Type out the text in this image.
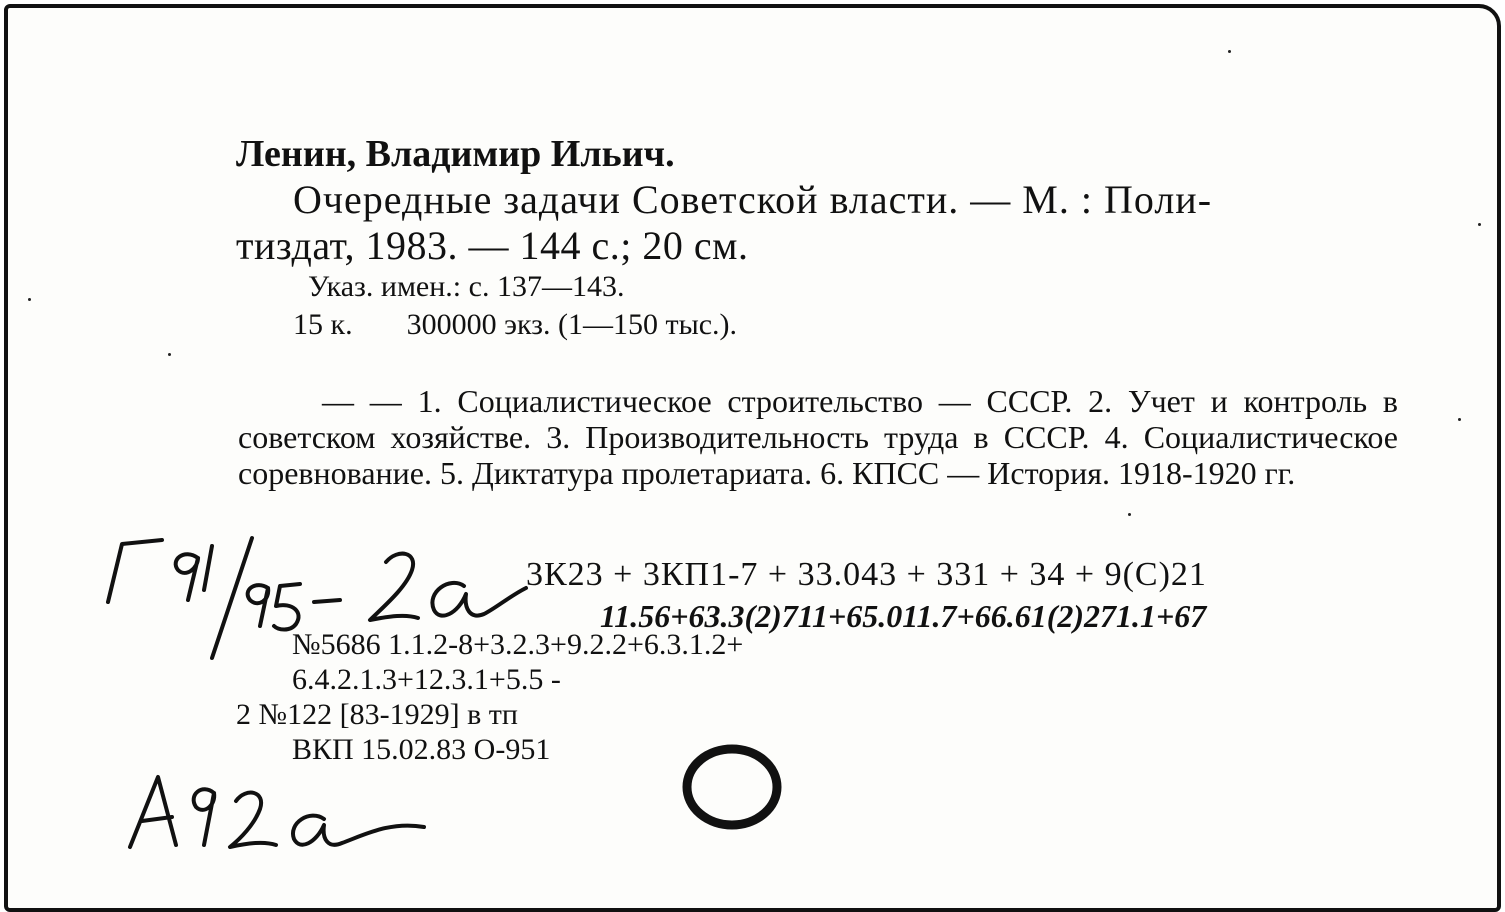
Ленин, Владимир Ильич.

Очередные задачи Советской власти. — М. : Поли-

тиздат, 1983. — 144 с.; 20 см.

Указ. имен.: с. 137—143.

15 к. 300000 экз. (1—150 тыс.).

— — 1. Социалистическое строительство — СССР. 2. Учет и контроль в советском хозяйстве. 3. Производительность труда в СССР. 4. Социалистическое соревнование. 5. Диктатура пролетариата. 6. КПСС — История. 1918-1920 гг.

3К23 + 3КП1-7 + 33.043 + 331 + 34 + 9(С)21

11.56+63.3(2)711+65.011.7+66.61(2)271.1+67

№5686 1.1.2-8+3.2.3+9.2.2+6.3.1.2+

6.4.2.1.3+12.3.1+5.5 -

2 №122 [83-1929] в тп

ВКП 15.02.83 О-951
